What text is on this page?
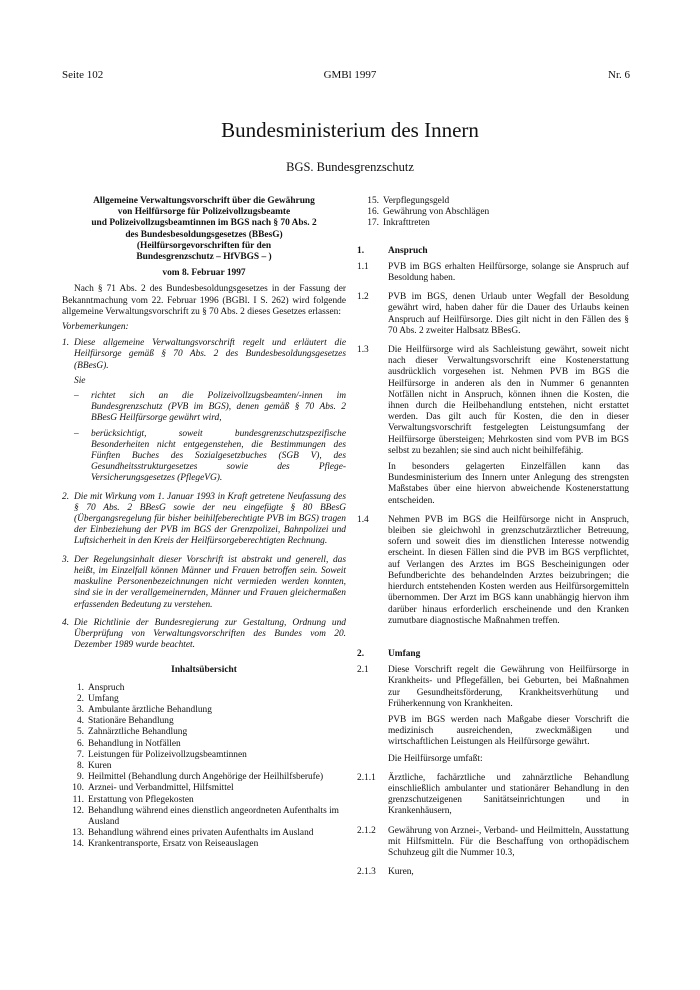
Seite 102	GMBl 1997	Nr. 6
Bundesministerium des Innern
BGS. Bundesgrenzschutz
Allgemeine Verwaltungsvorschrift über die Gewährung
von Heilfürsorge für Polizeivollzugsbeamte
und Polizeivollzugsbeamtinnen im BGS nach § 70 Abs. 2
des Bundesbesoldungsgesetzes (BBesG)
(Heilfürsorgevorschriften für den
Bundesgrenzschutz – HfVBGS – )
vom 8. Februar 1997

Nach § 71 Abs. 2 des Bundesbesoldungsgesetzes in der Fassung der Bekanntmachung vom 22. Februar 1996 (BGBl. I S. 262) wird folgende allgemeine Verwaltungsvorschrift zu § 70 Abs. 2 dieses Gesetzes erlassen:

Vorbemerkungen:

1. Diese allgemeine Verwaltungsvorschrift regelt und erläutert die Heilfürsorge gemäß § 70 Abs. 2 des Bundesbesoldungsgesetzes (BBesG).

Sie

–	richtet sich an die Polizeivollzugsbeamten/-innen im Bundesgrenzschutz (PVB im BGS), denen gemäß § 70 Abs. 2 BBesG Heilfürsorge gewährt wird,
–	berücksichtigt, soweit bundesgrenzschutzspezifische Besonderheiten nicht entgegenstehen, die Bestimmungen des Fünften Buches des Sozialgesetzbuches (SGB V), des Gesundheitsstrukturgesetzes sowie des Pflege-Versicherungsgesetzes (PflegeVG).
2. Die mit Wirkung vom 1. Januar 1993 in Kraft getretene Neufassung des § 70 Abs. 2 BBesG sowie der neu eingefügte § 80 BBesG (Übergangsregelung für bisher beihilfeberechtigte PVB im BGS) tragen der Einbeziehung der PVB im BGS der Grenzpolizei, Bahnpolizei und Luftsicherheit in den Kreis der Heilfürsorgeberechtigten Rechnung.

3. Der Regelungsinhalt dieser Vorschrift ist abstrakt und generell, das heißt, im Einzelfall können Männer und Frauen betroffen sein. Soweit maskuline Personenbezeichnungen nicht vermieden werden konnten, sind sie in der verallgemeinernden, Männer und Frauen gleichermaßen erfassenden Bedeutung zu verstehen.

4. Die Richtlinie der Bundesregierung zur Gestaltung, Ordnung und Überprüfung von Verwaltungsvorschriften des Bundes vom 20. Dezember 1989 wurde beachtet.

Inhaltsübersicht
1. Anspruch
2. Umfang
3. Ambulante ärztliche Behandlung
4. Stationäre Behandlung
5. Zahnärztliche Behandlung
6. Behandlung in Notfällen
7. Leistungen für Polizeivollzugsbeamtinnen
8. Kuren
9. Heilmittel (Behandlung durch Angehörige der Heilhilfsberufe)
10. Arznei- und Verbandmittel, Hilfsmittel
11. Erstattung von Pflegekosten
12. Behandlung während eines dienstlich angeordneten Aufenthalts im Ausland
13. Behandlung während eines privaten Aufenthalts im Ausland
14. Krankentransporte, Ersatz von Reiseauslagen
15. Verpflegungsgeld
16. Gewährung von Abschlägen
17. Inkrafttreten
1.	Anspruch
1.1	PVB im BGS erhalten Heilfürsorge, solange sie Anspruch auf Besoldung haben.

1.2	PVB im BGS, denen Urlaub unter Wegfall der Besoldung gewährt wird, haben daher für die Dauer des Urlaubs keinen Anspruch auf Heilfürsorge. Dies gilt nicht in den Fällen des § 70 Abs. 2 zweiter Halbsatz BBesG.

1.3	Die Heilfürsorge wird als Sachleistung gewährt, soweit nicht nach dieser Verwaltungsvorschrift eine Kostenerstattung ausdrücklich vorgesehen ist. Nehmen PVB im BGS die Heilfürsorge in anderen als den in Nummer 6 genannten Notfällen nicht in Anspruch, können ihnen die Kosten, die ihnen durch die Heilbehandlung entstehen, nicht erstattet werden. Das gilt auch für Kosten, die den in dieser Verwaltungsvorschrift festgelegten Leistungsumfang der Heilfürsorge übersteigen; Mehrkosten sind vom PVB im BGS selbst zu bezahlen; sie sind auch nicht beihilfefähig.

In besonders gelagerten Einzelfällen kann das Bundesministerium des Innern unter Anlegung des strengsten Maßstabes über eine hiervon abweichende Kostenerstattung entscheiden.

1.4	Nehmen PVB im BGS die Heilfürsorge nicht in Anspruch, bleiben sie gleichwohl in grenzschutzärztlicher Betreuung, sofern und soweit dies im dienstlichen Interesse notwendig erscheint. In diesen Fällen sind die PVB im BGS verpflichtet, auf Verlangen des Arztes im BGS Bescheinigungen oder Befundberichte des behandelnden Arztes beizubringen; die hierdurch entstehenden Kosten werden aus Heilfürsorgemitteln übernommen. Der Arzt im BGS kann unabhängig hiervon ihm darüber hinaus erforderlich erscheinende und den Kranken zumutbare diagnostische Maßnahmen treffen.

2.	Umfang
2.1	Diese Vorschrift regelt die Gewährung von Heilfürsorge in Krankheits- und Pflegefällen, bei Geburten, bei Maßnahmen zur Gesundheitsförderung, Krankheitsverhütung und Früherkennung von Krankheiten.

PVB im BGS werden nach Maßgabe dieser Vorschrift die medizinisch ausreichenden, zweckmäßigen und wirtschaftlichen Leistungen als Heilfürsorge gewährt.

Die Heilfürsorge umfaßt:

2.1.1	Ärztliche, fachärztliche und zahnärztliche Behandlung einschließlich ambulanter und stationärer Behandlung in den grenzschutzeigenen Sanitätseinrichtungen und in Krankenhäusern,

2.1.2	Gewährung von Arznei-, Verband- und Heilmitteln, Ausstattung mit Hilfsmitteln. Für die Beschaffung von orthopädischem Schuhzeug gilt die Nummer 10.3,

2.1.3	Kuren,
